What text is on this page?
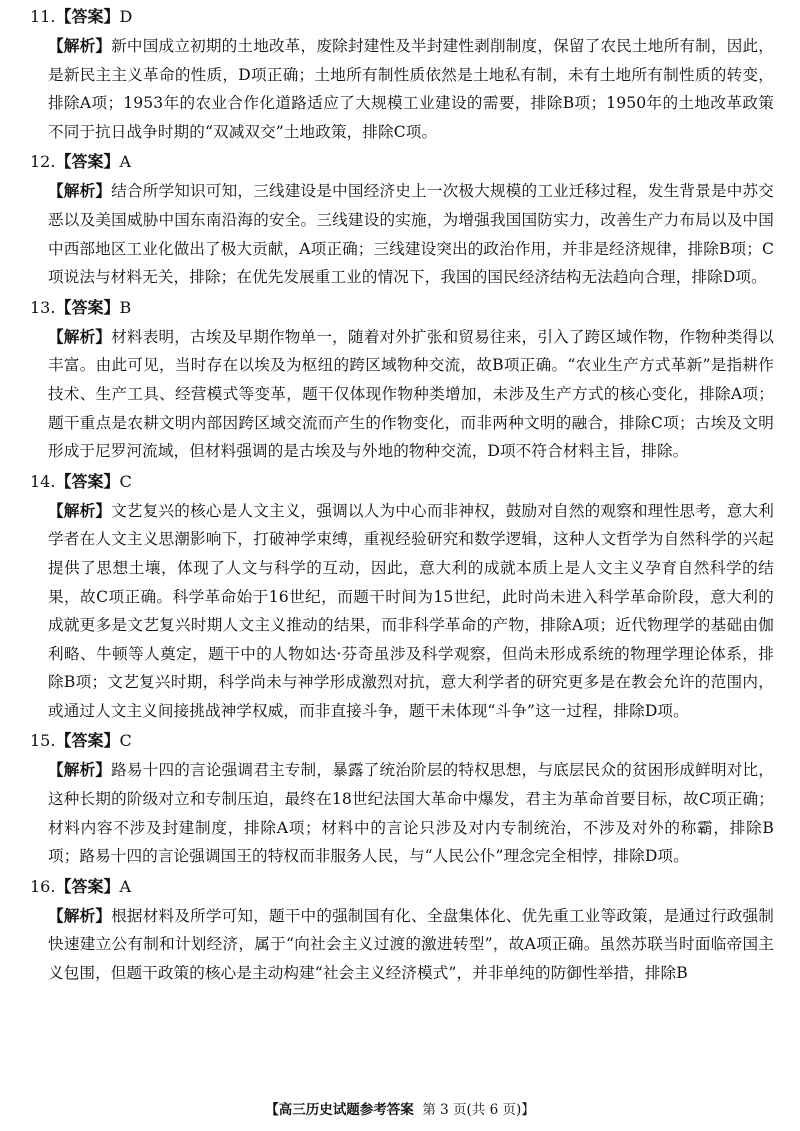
11.【答案】D

【解析】新中国成立初期的土地改革，废除封建性及半封建性剥削制度，保留了农民土地所有制，因此，是新民主主义革命的性质，D项正确；土地所有制性质依然是土地私有制，未有土地所有制性质的转变，排除A项；1953年的农业合作化道路适应了大规模工业建设的需要，排除B项；1950年的土地改革政策不同于抗日战争时期的“双减双交”土地政策，排除C项。

12.【答案】A

【解析】结合所学知识可知，三线建设是中国经济史上一次极大规模的工业迁移过程，发生背景是中苏交恶以及美国威胁中国东南沿海的安全。三线建设的实施，为增强我国国防实力，改善生产力布局以及中国中西部地区工业化做出了极大贡献，A项正确；三线建设突出的政治作用，并非是经济规律，排除B项；C项说法与材料无关，排除；在优先发展重工业的情况下，我国的国民经济结构无法趋向合理，排除D项。

13.【答案】B

【解析】材料表明，古埃及早期作物单一，随着对外扩张和贸易往来，引入了跨区域作物，作物种类得以丰富。由此可见，当时存在以埃及为枢纽的跨区域物种交流，故B项正确。“农业生产方式革新”是指耕作技术、生产工具、经营模式等变革，题干仅体现作物种类增加，未涉及生产方式的核心变化，排除A项；题干重点是农耕文明内部因跨区域交流而产生的作物变化，而非两种文明的融合，排除C项；古埃及文明形成于尼罗河流域，但材料强调的是古埃及与外地的物种交流，D项不符合材料主旨，排除。

14.【答案】C

【解析】文艺复兴的核心是人文主义，强调以人为中心而非神权，鼓励对自然的观察和理性思考，意大利学者在人文主义思潮影响下，打破神学束缚，重视经验研究和数学逻辑，这种人文哲学为自然科学的兴起提供了思想土壤，体现了人文与科学的互动，因此，意大利的成就本质上是人文主义孕育自然科学的结果，故C项正确。科学革命始于16世纪，而题干时间为15世纪，此时尚未进入科学革命阶段，意大利的成就更多是文艺复兴时期人文主义推动的结果，而非科学革命的产物，排除A项；近代物理学的基础由伽利略、牛顿等人奠定，题干中的人物如达·芬奇虽涉及科学观察，但尚未形成系统的物理学理论体系，排除B项；文艺复兴时期，科学尚未与神学形成激烈对抗，意大利学者的研究更多是在教会允许的范围内，或通过人文主义间接挑战神学权威，而非直接斗争，题干未体现“斗争”这一过程，排除D项。

15.【答案】C

【解析】路易十四的言论强调君主专制，暴露了统治阶层的特权思想，与底层民众的贫困形成鲜明对比，这种长期的阶级对立和专制压迫，最终在18世纪法国大革命中爆发，君主为革命首要目标，故C项正确；材料内容不涉及封建制度，排除A项；材料中的言论只涉及对内专制统治，不涉及对外的称霸，排除B项；路易十四的言论强调国王的特权而非服务人民，与“人民公仆”理念完全相悖，排除D项。

16.【答案】A

【解析】根据材料及所学可知，题干中的强制国有化、全盘集体化、优先重工业等政策，是通过行政强制快速建立公有制和计划经济，属于“向社会主义过渡的激进转型”，故A项正确。虽然苏联当时面临帝国主义包围，但题干政策的核心是主动构建“社会主义经济模式”，并非单纯的防御性举措，排除B

【高三历史试题参考答案 第 3 页(共 6 页)】
